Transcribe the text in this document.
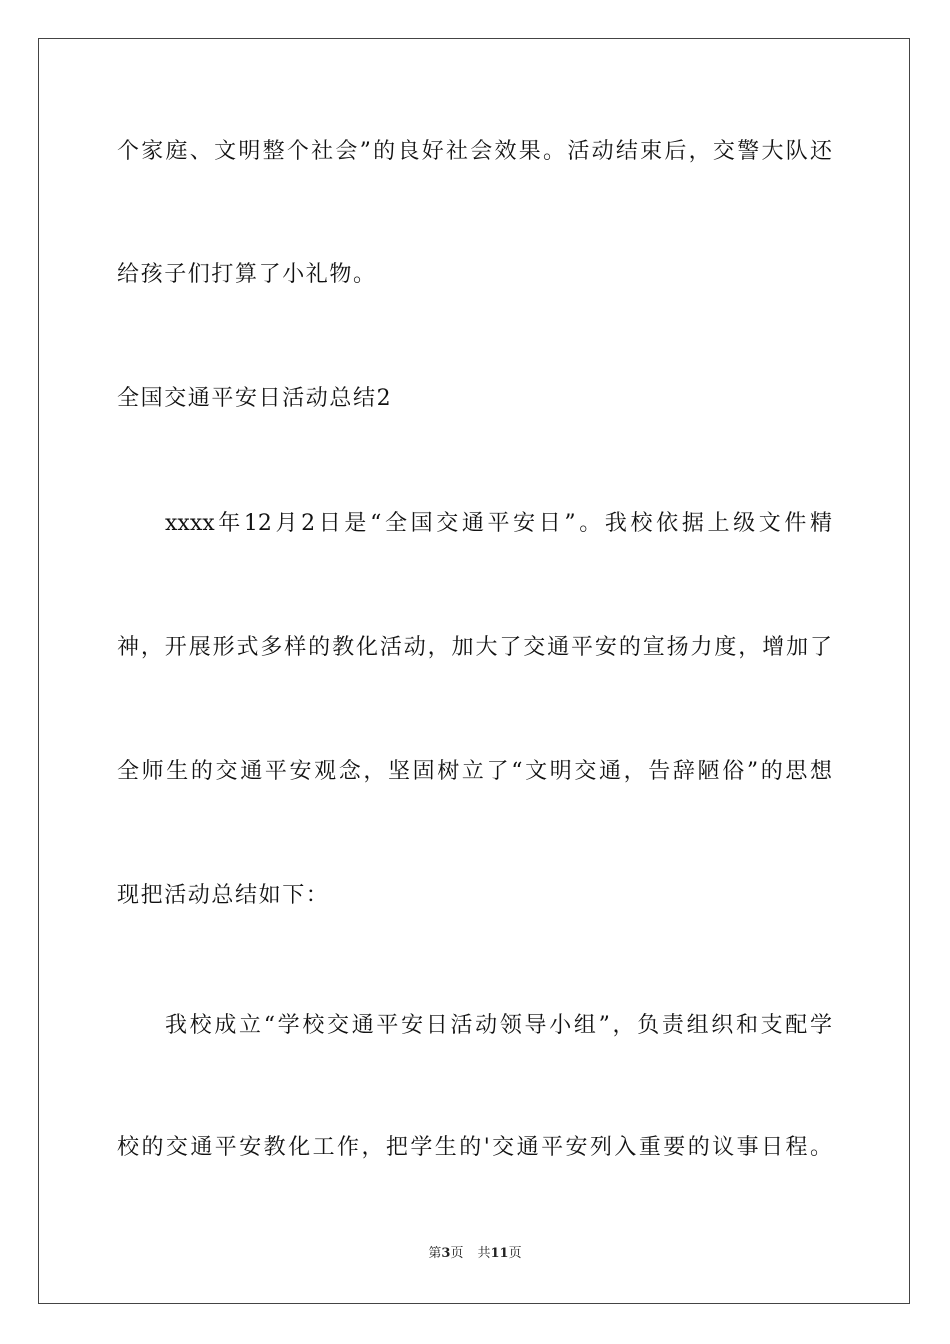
个家庭、文明整个社会”的良好社会效果。活动结束后，交警大队还
给孩子们打算了小礼物。
全国交通平安日活动总结2
xxxx年12月2日是“全国交通平安日”。我校依据上级文件精
神，开展形式多样的教化活动，加大了交通平安的宣扬力度，增加了
全师生的交通平安观念，坚固树立了“文明交通，告辞陋俗”的思想
现把活动总结如下：
我校成立“学校交通平安日活动领导小组”，负责组织和支配学
校的交通平安教化工作，把学生的'交通平安列入重要的议事日程。
第3页 共11页
